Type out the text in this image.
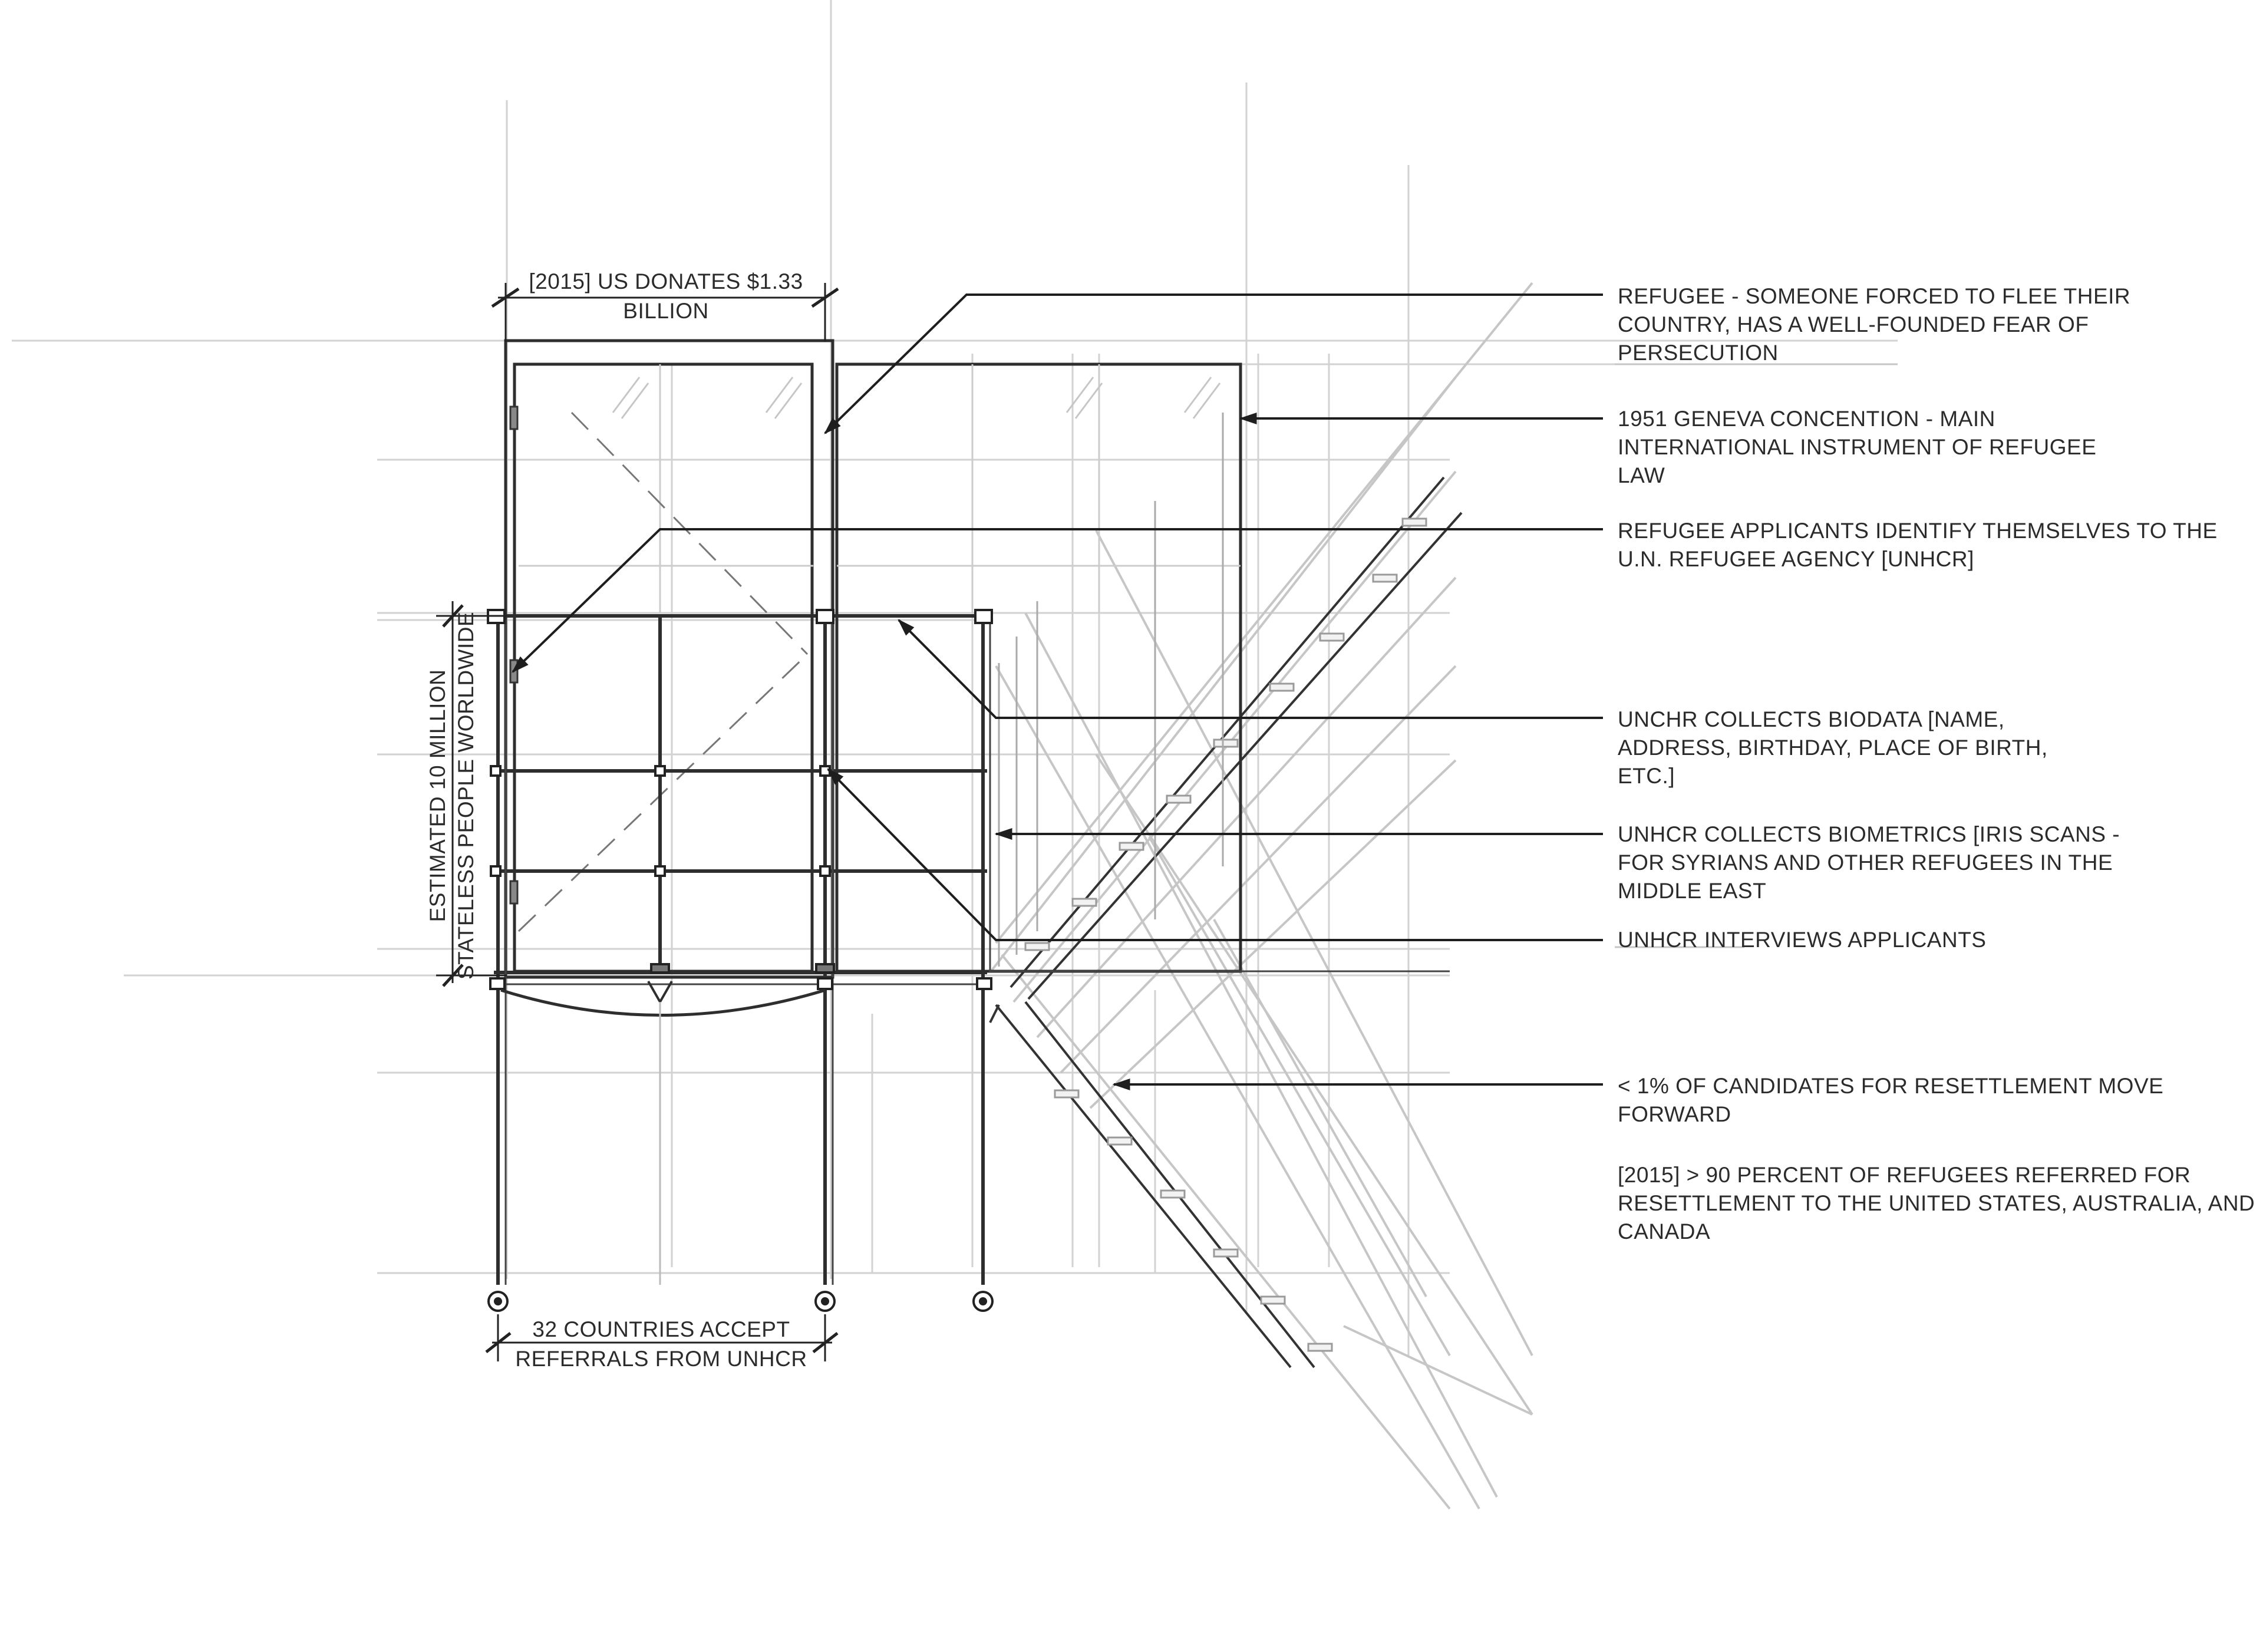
[2015] US DONATES $1.33
BILLION
32 COUNTRIES ACCEPT
REFERRALS FROM UNHCR
ESTIMATED 10 MILLION STATELESS PEOPLE WORLDWIDE
REFUGEE - SOMEONE FORCED TO FLEE THEIR
COUNTRY, HAS A WELL-FOUNDED FEAR OF
PERSECUTION
1951 GENEVA CONCENTION - MAIN
INTERNATIONAL INSTRUMENT OF REFUGEE
LAW
REFUGEE APPLICANTS IDENTIFY THEMSELVES TO THE
U.N. REFUGEE AGENCY [UNHCR]
UNCHR COLLECTS BIODATA [NAME,
ADDRESS, BIRTHDAY, PLACE OF BIRTH,
ETC.]
UNHCR COLLECTS BIOMETRICS [IRIS SCANS -
FOR SYRIANS AND OTHER REFUGEES IN THE
MIDDLE EAST
UNHCR INTERVIEWS APPLICANTS
< 1% OF CANDIDATES FOR RESETTLEMENT MOVE
FORWARD
[2015] > 90 PERCENT OF REFUGEES REFERRED FOR
RESETTLEMENT TO THE UNITED STATES, AUSTRALIA, AND
CANADA
